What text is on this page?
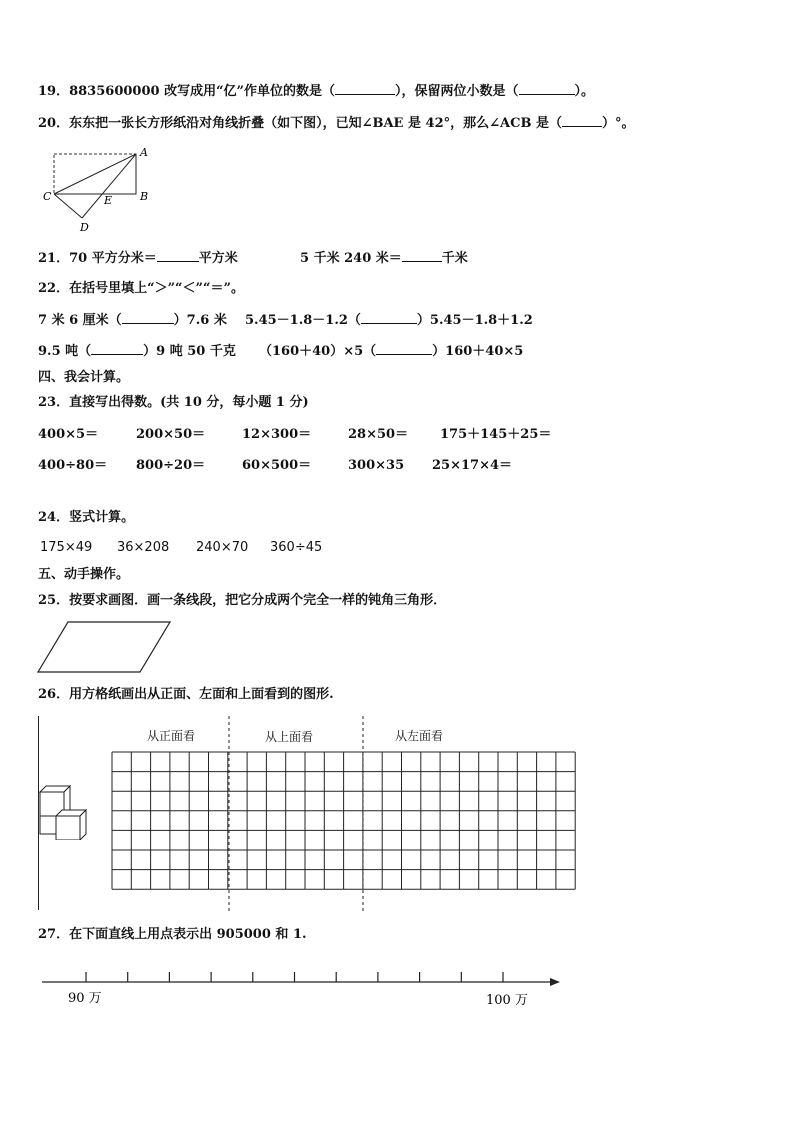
19．8835600000 改写成用“亿”作单位的数是（	），保留两位小数是（	）。
20．东东把一张长方形纸沿对角线折叠（如下图），已知∠BAE 是 42°，那么∠ACB 是（	）°。
A
B
C	E
D
21．70 平方分米＝	平方米	5 千米 240 米＝	千米
22．在括号里填上“＞”“＜”“＝”。
7 米 6 厘米（	）7.6 米 5.45－1.8－1.2（	）5.45－1.8＋1.2
9.5 吨（	）9 吨 50 千克 （160＋40）×5（	）160＋40×5
四、我会计算。
23．直接写出得数。(共 10 分，每小题 1 分)
400×5＝	200×50＝	12×300＝	28×50＝ 175＋145＋25＝
400÷80＝ 800÷20＝	60×500＝	300×35 25×17×4＝
24．竖式计算。
175×49 36×208 240×70 360÷45
五、动手操作。
25．按要求画图．画一条线段，把它分成两个完全一样的钝角三角形．
26．用方格纸画出从正面、左面和上面看到的图形.
从正面看	从上面看	从左面看
27．在下面直线上用点表示出 905000 和 1.
90 万	100 万
